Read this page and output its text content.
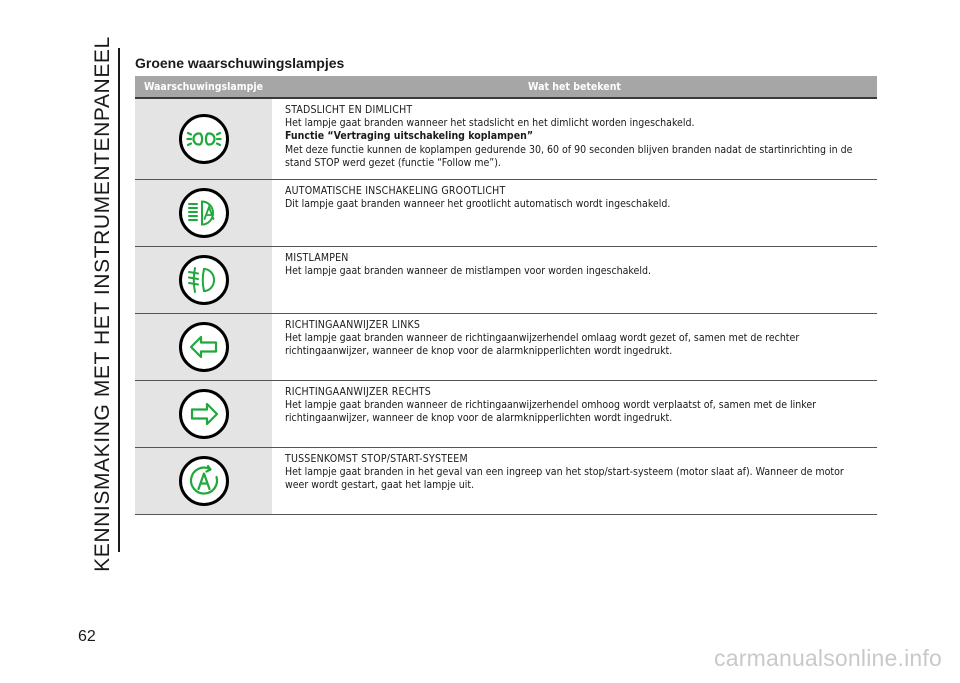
KENNISMAKING MET HET INSTRUMENTENPANEEL
62
carmanualsonline.info
Groene waarschuwingslampjes
Waarschuwingslampje	Wat het betekent
STADSLICHT EN DIMLICHT
Het lampje gaat branden wanneer het stadslicht en het dimlicht worden ingeschakeld.
Functie “Vertraging uitschakeling koplampen”
Met deze functie kunnen de koplampen gedurende 30, 60 of 90 seconden blijven branden nadat de startinrichting in de stand STOP werd gezet (functie “Follow me”).
AUTOMATISCHE INSCHAKELING GROOTLICHT
Dit lampje gaat branden wanneer het grootlicht automatisch wordt ingeschakeld.
MISTLAMPEN
Het lampje gaat branden wanneer de mistlampen voor worden ingeschakeld.
RICHTINGAANWIJZER LINKS
Het lampje gaat branden wanneer de richtingaanwijzerhendel omlaag wordt gezet of, samen met de rechter richtingaanwijzer, wanneer de knop voor de alarmknipperlichten wordt ingedrukt.
RICHTINGAANWIJZER RECHTS
Het lampje gaat branden wanneer de richtingaanwijzerhendel omhoog wordt verplaatst of, samen met de linker richtingaanwijzer, wanneer de knop voor de alarmknipperlichten wordt ingedrukt.
TUSSENKOMST STOP/START-SYSTEEM
Het lampje gaat branden in het geval van een ingreep van het stop/start-systeem (motor slaat af). Wanneer de motor weer wordt gestart, gaat het lampje uit.
